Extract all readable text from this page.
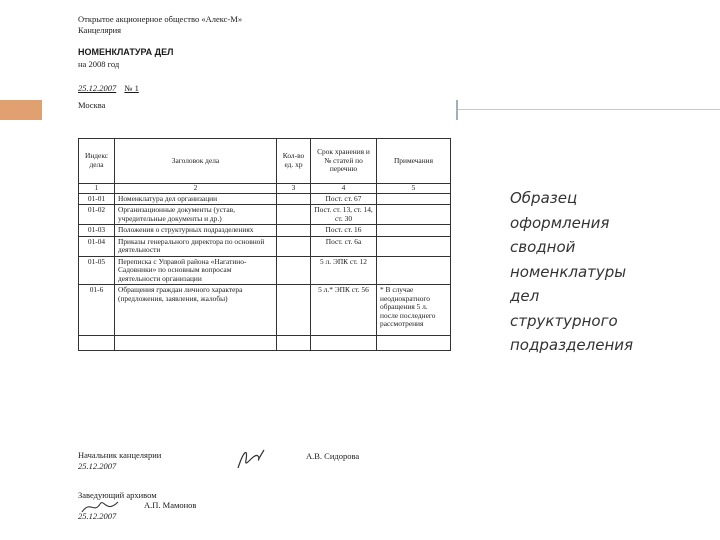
Открытое акционерное общество «Алекс-М»
Канцелярия
НОМЕНКЛАТУРА ДЕЛ
на 2008 год
25.12.2007 № 1
Москва
Индекс дела	Заголовок дела	Кол-во ед. хр	Срок хранения и № статей по перечню	Примечания
1	2	3	4	5
01-01	Номенклатура дел организации		Пост. ст. 67	
01-02	Организационные документы (устав, учредительные документы и др.)		Пост. ст. 13, ст. 14, ст. 30	
01-03	Положения о структурных подразделениях		Пост. ст. 16	
01-04	Приказы генерального директора по основной деятельности		Пост. ст. 6а	
01-05	Переписка с Управой района «Нагатино-Садовники» по основным вопросам деятельности организации		5 л. ЭПК ст. 12	
01-6	Обращения граждан личного характера (предложения, заявления, жалобы)		5 л.* ЭПК ст. 56	* В случае неоднократного обращения 5 л. после последнего рассмотрения

Начальник канцелярии
25.12.2007
А.В. Сидорова
Заведующий архивом
25.12.2007
А.П. Мамонов
Образец
оформления
сводной
номенклатуры
дел
структурного
подразделения
